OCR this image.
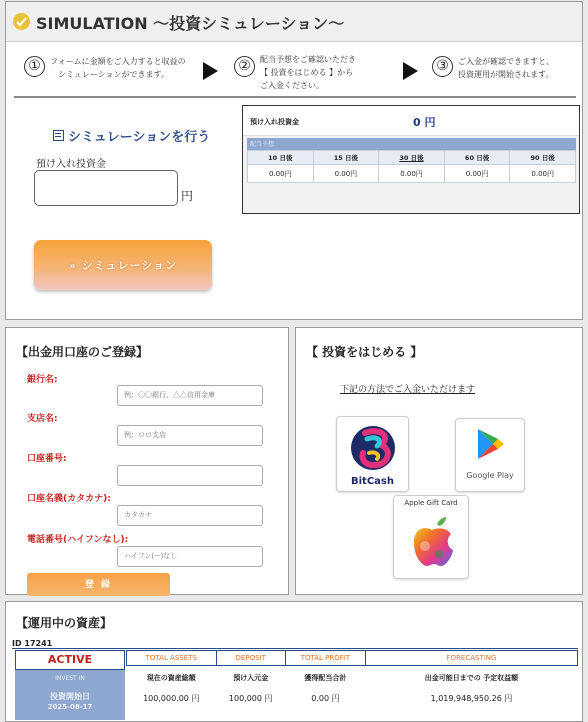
SIMULATION 〜投資シミュレーション〜
①	フォームに金額をご入力すると収益の
シミュレーションができます。
②	配当予想をご確認いただき
【 投資をはじめる 】から
ご入金ください。
③	ご入金が確認できますと、
投資運用が開始されます。
シミュレーションを行う
預け入れ投資金
円
» シミュレーション
預け入れ投資金	0 円
配当予想
10 日後	15 日後	30 日後	60 日後	90 日後
0.00円	0.00円	0.00円	0.00円	0.00円
【出金用口座のご登録】
銀行名:
例：〇〇銀行、△△信用金庫
支店名:
例：ロロ支店
口座番号:
口座名義(カタカナ):
カタカナ
電話番号(ハイフンなし):
ハイフン(ー)なし
登 録
【 投資をはじめる 】
下記の方法でご入金いただけます
BitCash
Google Play
Apple Gift Card
【運用中の資産】
ID 17241
ACTIVE
INVEST IN
投資開始日
2025-08-17
TOTAL ASSETS	DEPOSIT	TOTAL PROFIT	FORECASTING
現在の資産総額	預け入元金	獲得配当合計	出金可能日までの 予定収益額
100,000.00 円	100,000 円	0.00 円	1,019,948,950.26 円
